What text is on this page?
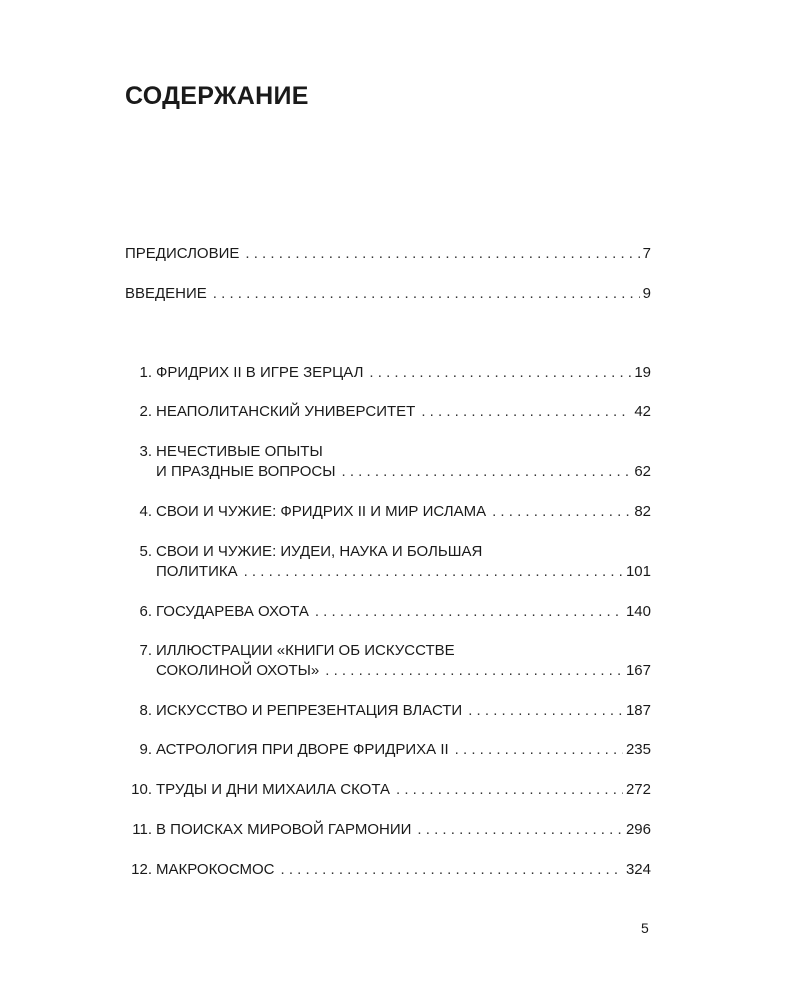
СОДЕРЖАНИЕ
ПРЕДИСЛОВИЕ . . .	7
ВВЕДЕНИЕ . . .	9
1. ФРИДРИХ II В ИГРЕ ЗЕРЦАЛ . . .	19
2. НЕАПОЛИТАНСКИЙ УНИВЕРСИТЕТ . . .	42
3. НЕЧЕСТИВЫЕ ОПЫТЫ
И ПРАЗДНЫЕ ВОПРОСЫ . . .	62
4. СВОИ И ЧУЖИЕ: ФРИДРИХ II И МИР ИСЛАМА . . .	82
5. СВОИ И ЧУЖИЕ: ИУДЕИ, НАУКА И БОЛЬШАЯ
ПОЛИТИКА . . .	101
6. ГОСУДАРЕВА ОХОТА . . .	140
7. ИЛЛЮСТРАЦИИ «КНИГИ ОБ ИСКУССТВЕ
СОКОЛИНОЙ ОХОТЫ» . . .	167
8. ИСКУССТВО И РЕПРЕЗЕНТАЦИЯ ВЛАСТИ . . .	187
9. АСТРОЛОГИЯ ПРИ ДВОРЕ ФРИДРИХА II . . .	235
10. ТРУДЫ И ДНИ МИХАИЛА СКОТА . . .	272
11. В ПОИСКАХ МИРОВОЙ ГАРМОНИИ . . .	296
12. МАКРОКОСМОС . . .	324
5
